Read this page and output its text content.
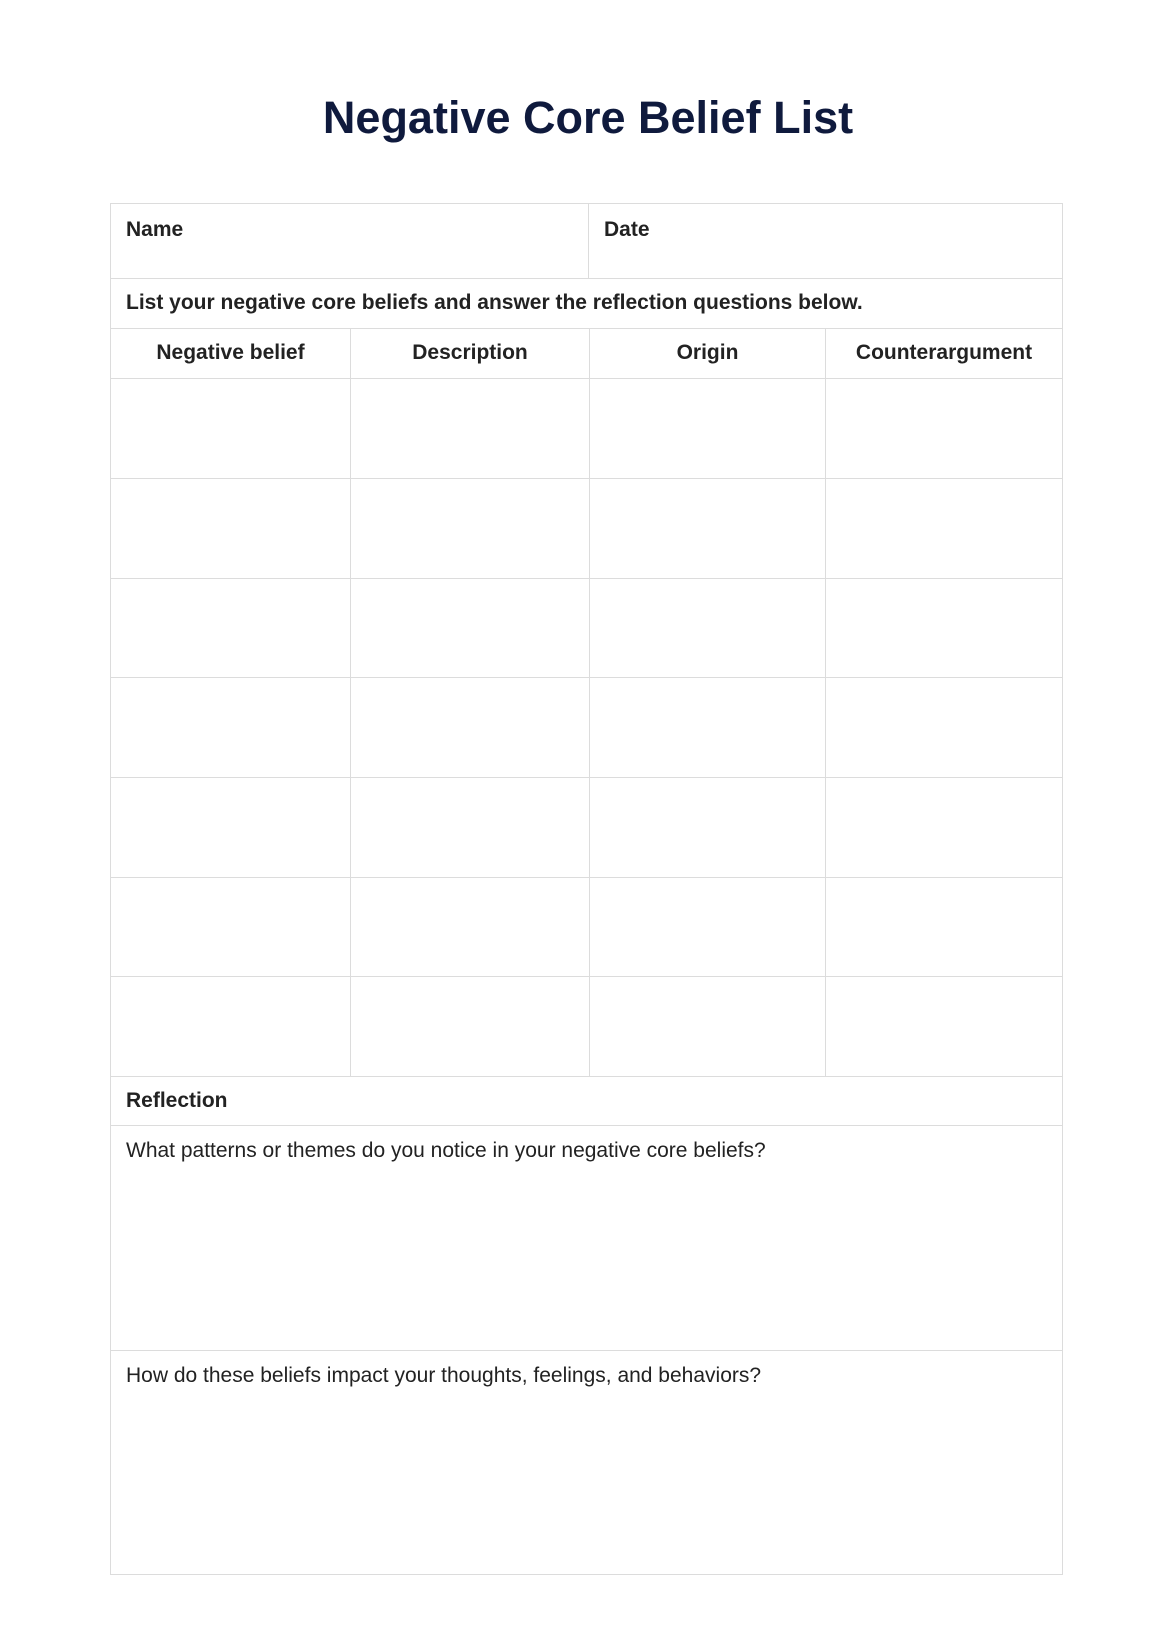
Negative Core Belief List
Name	Date
List your negative core beliefs and answer the reflection questions below.
Negative belief	Description	Origin	Counterargument
Reflection
What patterns or themes do you notice in your negative core beliefs?
How do these beliefs impact your thoughts, feelings, and behaviors?
